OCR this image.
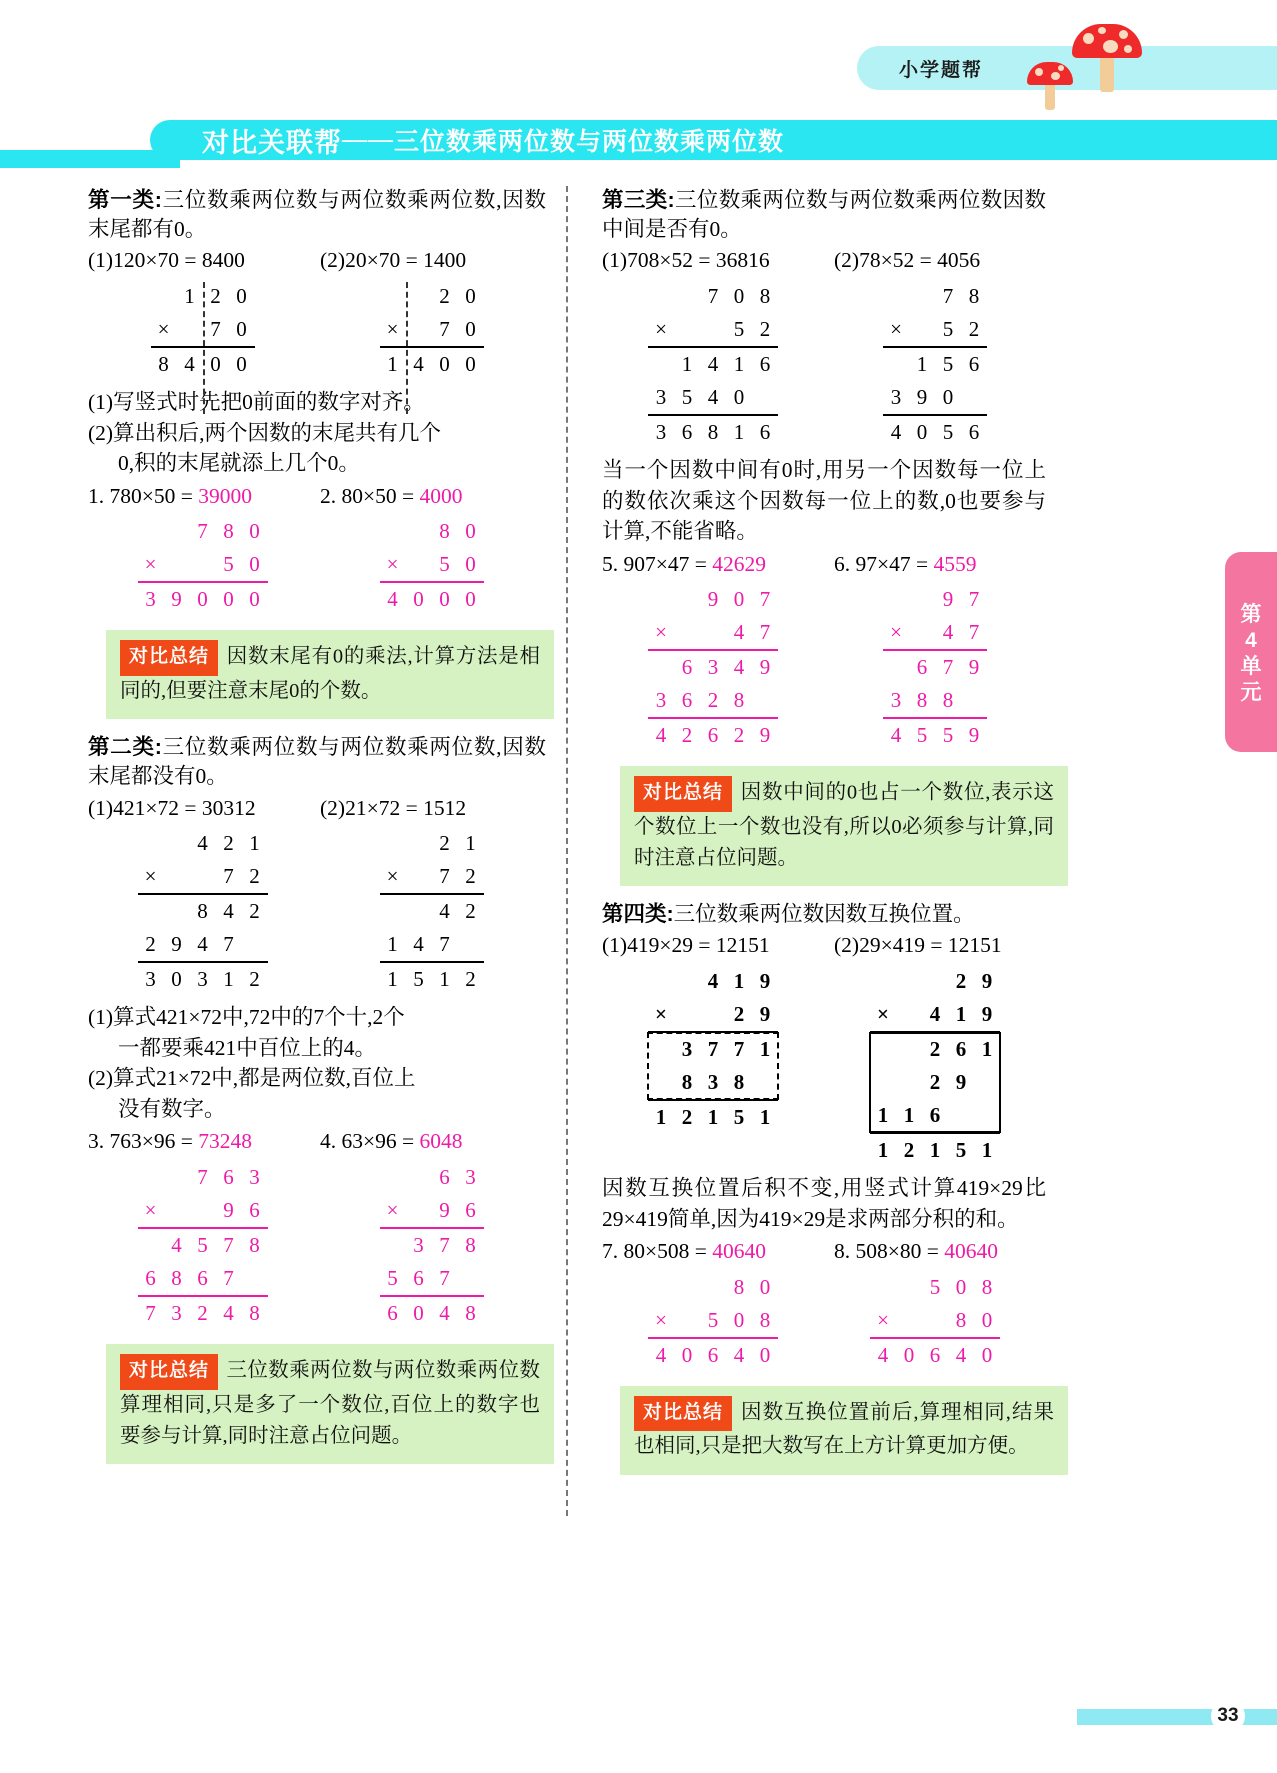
小学题帮
对比关联帮 —— 三位数乘两位数与两位数乘两位数
第
4
单
元
33
第一类:三位数乘两位数与两位数乘两位数,因数末尾都有0。
(1)120×70 = 8400	(2)20×70 = 1400
1 2 0
×	7 0
8 4 0 0
2 0
×	7 0
1 4 0 0
(1) 写竖式时先把0前面的数字对齐。
(2) 算出积后,两个因数的末尾共有几个
0,积的末尾就添上几个0。
1. 780×50 = 39000	2. 80×50 = 4000
7 8 0
×	5 0
3 9 0 0 0
8 0
×	5 0
4 0 0 0
对比总结 因数末尾有0的乘法,计算方法是相同的,但要注意末尾0的个数。
第二类:三位数乘两位数与两位数乘两位数,因数末尾都没有0。
(1)421×72 = 30312	(2)21×72 = 1512
4 2 1
×	7 2
8 4 2
2 9 4 7
3 0 3 1 2
2 1
×	7 2
4 2
1 4 7
1 5 1 2
(1) 算式421×72中,72中的7个十,2个
一都要乘421中百位上的4。
(2) 算式21×72中,都是两位数,百位上
没有数字。
3. 763×96 = 73248	4. 63×96 = 6048
7 6 3
×	9 6
4 5 7 8
6 8 6 7
7 3 2 4 8
6 3
×	9 6
3 7 8
5 6 7
6 0 4 8
对比总结 三位数乘两位数与两位数乘两位数算理相同,只是多了一个数位,百位上的数字也要参与计算,同时注意占位问题。
第三类:三位数乘两位数与两位数乘两位数因数中间是否有0。
(1)708×52 = 36816	(2)78×52 = 4056
7 0 8
×	5 2
1 4 1 6
3 5 4 0
3 6 8 1 6
7 8
×	5 2
1 5 6
3 9 0
4 0 5 6
当一个因数中间有0时,用另一个因数每一位上的数依次乘这个因数每一位上的数,0也要参与计算,不能省略。
5. 907×47 = 42629	6. 97×47 = 4559
9 0 7
×	4 7
6 3 4 9
3 6 2 8
4 2 6 2 9
9 7
×	4 7
6 7 9
3 8 8
4 5 5 9
对比总结 因数中间的0也占一个数位,表示这个数位上一个数也没有,所以0必须参与计算,同时注意占位问题。
第四类:三位数乘两位数因数互换位置。
(1)419×29 = 12151	(2)29×419 = 12151
4 1 9
×	2 9
3 7 7 1
8 3 8
1 2 1 5 1
2 9
×	4 1 9
2 6 1
2 9
1 1 6
1 2 1 5 1
因数互换位置后积不变,用竖式计算419×29比29×419简单,因为419×29是求两部分积的和。
7. 80×508 = 40640	8. 508×80 = 40640
8 0
×	5 0 8
4 0 6 4 0
5 0 8
×	8 0
4 0 6 4 0
对比总结 因数互换位置前后,算理相同,结果也相同,只是把大数写在上方计算更加方便。
